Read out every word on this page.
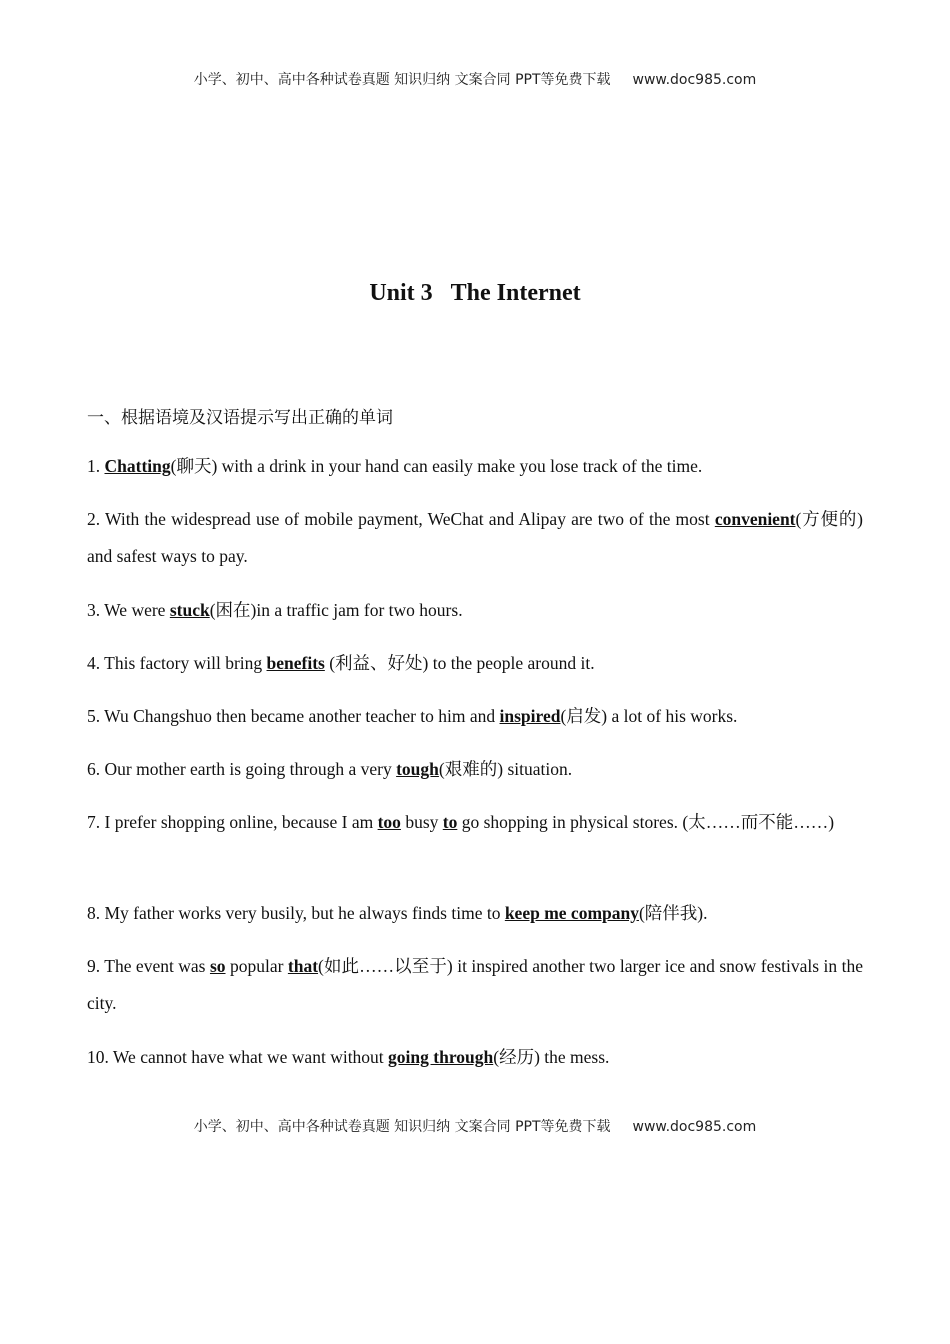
小学、初中、高中各种试卷真题 知识归纳 文案合同 PPT等免费下载 www.doc985.com
Unit 3 The Internet
一、根据语境及汉语提示写出正确的单词
1. Chatting(聊天) with a drink in your hand can easily make you lose track of the time.
2. With the widespread use of mobile payment, WeChat and Alipay are two of the most convenient(方便的) and safest ways to pay.
3. We were stuck(困在)in a traffic jam for two hours.
4. This factory will bring benefits (利益、好处) to the people around it.
5. Wu Changshuo then became another teacher to him and inspired(启发) a lot of his works.
6. Our mother earth is going through a very tough(艰难的) situation.
7. I prefer shopping online, because I am too busy to go shopping in physical stores. (太……而不能……)
8. My father works very busily, but he always finds time to keep me company(陪伴我).
9. The event was so popular that(如此……以至于) it inspired another two larger ice and snow festivals in the city.
10. We cannot have what we want without going through(经历) the mess.
小学、初中、高中各种试卷真题 知识归纳 文案合同 PPT等免费下载 www.doc985.com
